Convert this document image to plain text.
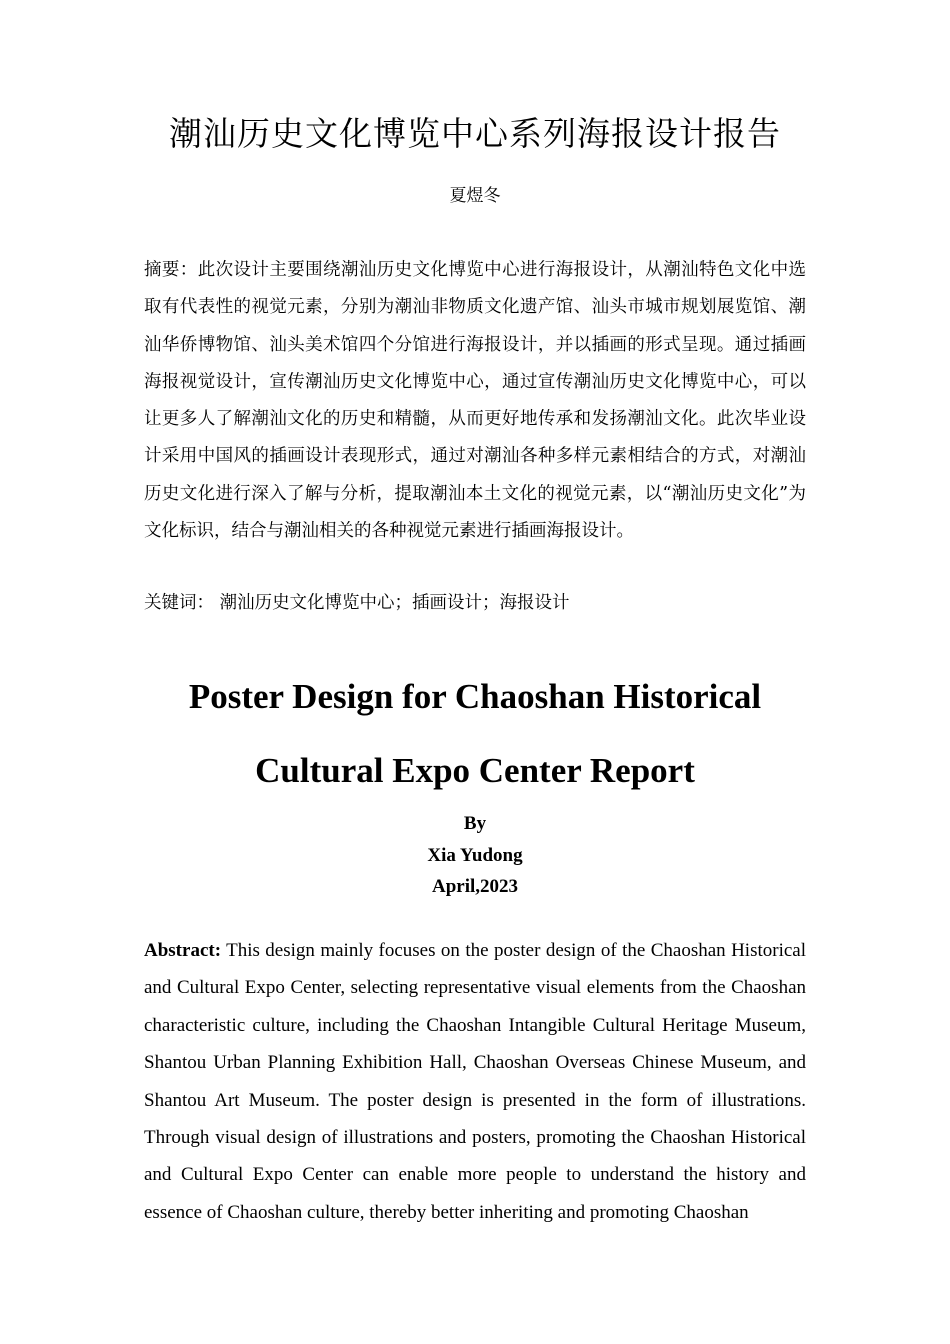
潮汕历史文化博览中心系列海报设计报告
夏煜冬

摘要：此次设计主要围绕潮汕历史文化博览中心进行海报设计，从潮汕特色文化中选取有代表性的视觉元素，分别为潮汕非物质文化遗产馆、汕头市城市规划展览馆、潮汕华侨博物馆、汕头美术馆四个分馆进行海报设计，并以插画的形式呈现。通过插画海报视觉设计，宣传潮汕历史文化博览中心，通过宣传潮汕历史文化博览中心，可以让更多人了解潮汕文化的历史和精髓，从而更好地传承和发扬潮汕文化。此次毕业设计采用中国风的插画设计表现形式，通过对潮汕各种多样元素相结合的方式，对潮汕历史文化进行深入了解与分析，提取潮汕本土文化的视觉元素，以“潮汕历史文化”为文化标识，结合与潮汕相关的各种视觉元素进行插画海报设计。

关键词： 潮汕历史文化博览中心；插画设计；海报设计

Poster Design for Chaoshan Historical
Cultural Expo Center Report
By
Xia Yudong
April,2023

Abstract: This design mainly focuses on the poster design of the Chaoshan Historical and Cultural Expo Center, selecting representative visual elements from the Chaoshan characteristic culture, including the Chaoshan Intangible Cultural Heritage Museum, Shantou Urban Planning Exhibition Hall, Chaoshan Overseas Chinese Museum, and Shantou Art Museum. The poster design is presented in the form of illustrations. Through visual design of illustrations and posters, promoting the Chaoshan Historical and Cultural Expo Center can enable more people to understand the history and essence of Chaoshan culture, thereby better inheriting and promoting Chaoshan
